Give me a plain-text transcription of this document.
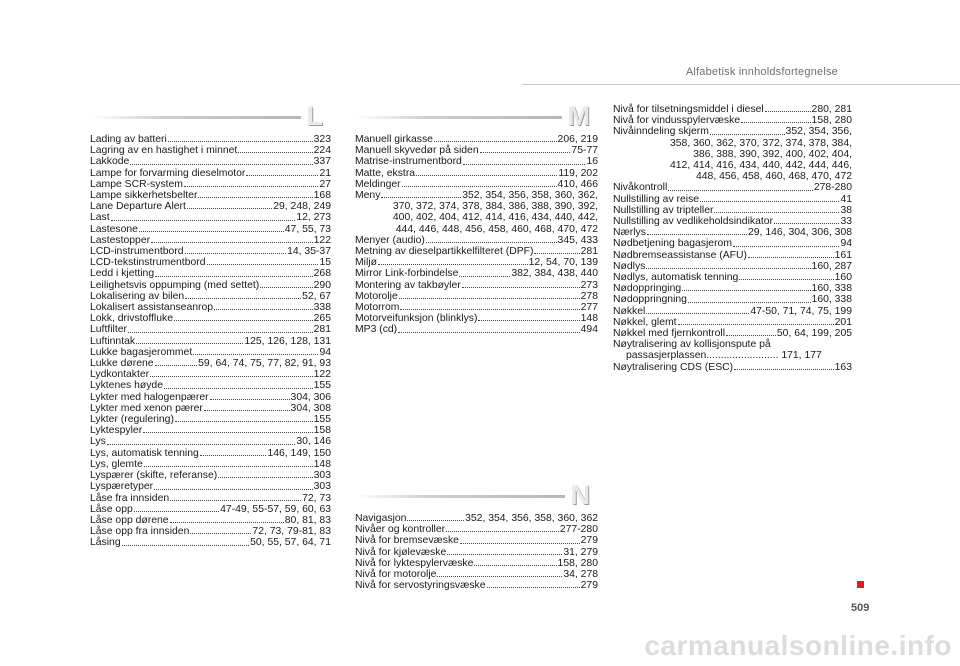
Alfabetisk innholdsfortegnelse
L
Lading av batteri	323
Lagring av en hastighet i minnet	224
Lakkode	337
Lampe for forvarming dieselmotor	21
Lampe SCR-system	27
Lampe sikkerhetsbelter	168
Lane Departure Alert	29, 248, 249
Last	12, 273
Lastesone	47, 55, 73
Lastestopper	122
LCD-instrumentbord	14, 35-37
LCD-tekstinstrumentbord	15
Ledd i kjetting	268
Leilighetsvis oppumping (med settet)	290
Lokalisering av bilen	52, 67
Lokalisert assistanseanrop	338
Lokk, drivstoffluke	265
Luftfilter	281
Luftinntak	125, 126, 128, 131
Lukke bagasjerommet	94
Lukke dørene	59, 64, 74, 75, 77, 82, 91, 93
Lydkontakter	122
Lyktenes høyde	155
Lykter med halogenpærer	304, 306
Lykter med xenon pærer	304, 308
Lykter (regulering)	155
Lyktespyler	158
Lys	30, 146
Lys, automatisk tenning	146, 149, 150
Lys, glemte	148
Lyspærer (skifte, referanse)	303
Lyspæretyper	303
Låse fra innsiden	72, 73
Låse opp	47-49, 55-57, 59, 60, 63
Låse opp dørene	80, 81, 83
Låse opp fra innsiden	72, 73, 79-81, 83
Låsing	50, 55, 57, 64, 71
M
Manuell girkasse	206, 219
Manuell skyvedør på siden	75-77
Matrise-instrumentbord	16
Matte, ekstra	119, 202
Meldinger	410, 466
Meny	352, 354, 356, 358, 360, 362,
370, 372, 374, 378, 384, 386, 388, 390, 392,
400, 402, 404, 412, 414, 416, 434, 440, 442,
444, 446, 448, 456, 458, 460, 468, 470, 472
Menyer (audio)	345, 433
Metning av dieselpartikkelfilteret (DPF)	281
Miljø	12, 54, 70, 139
Mirror Link-forbindelse	382, 384, 438, 440
Montering av takbøyler	273
Motorolje	278
Motorrom	277
Motorveifunksjon (blinklys)	148
MP3 (cd)	494
N
Navigasjon	352, 354, 356, 358, 360, 362
Nivåer og kontroller	277-280
Nivå for bremsevæske	279
Nivå for kjølevæske	31, 279
Nivå for lyktespylervæske	158, 280
Nivå for motorolje	34, 278
Nivå for servostyringsvæske	279
Nivå for tilsetningsmiddel i diesel	280, 281
Nivå for vindusspylervæske	158, 280
Nivåinndeling skjerm	352, 354, 356,
358, 360, 362, 370, 372, 374, 378, 384,
386, 388, 390, 392, 400, 402, 404,
412, 414, 416, 434, 440, 442, 444, 446,
448, 456, 458, 460, 468, 470, 472
Nivåkontroll	278-280
Nullstilling av reise	41
Nullstilling av tripteller	38
Nullstilling av vedlikeholdsindikator	33
Nærlys	29, 146, 304, 306, 308
Nødbetjening bagasjerom	94
Nødbremseassistanse (AFU)	161
Nødlys	160, 287
Nødlys, automatisk tenning	160
Nødoppringing	160, 338
Nødoppringning	160, 338
Nøkkel	47-50, 71, 74, 75, 199
Nøkkel, glemt	201
Nøkkel med fjernkontroll	50, 64, 199, 205
Nøytralisering av kollisjonspute på
passasjerplassen......................... 171, 177
Nøytralisering CDS (ESC)	163
509
carmanualsonline.info
